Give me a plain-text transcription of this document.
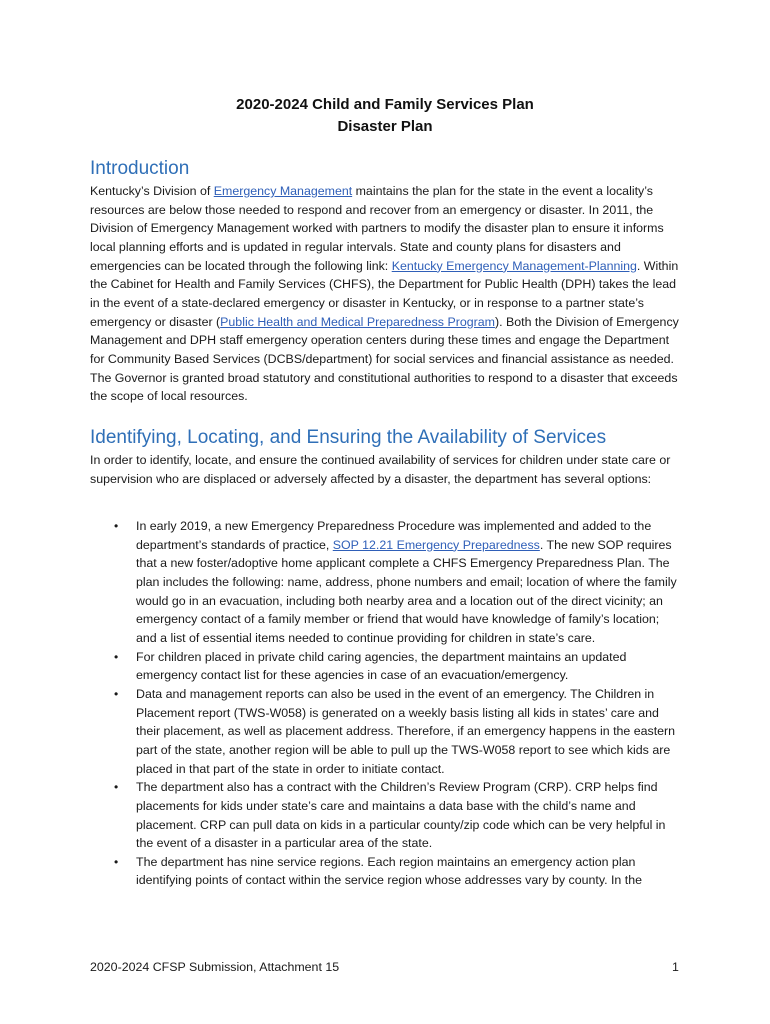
2020-2024 Child and Family Services Plan
Disaster Plan
Introduction

Kentucky’s Division of Emergency Management maintains the plan for the state in the event a locality’s resources are below those needed to respond and recover from an emergency or disaster. In 2011, the Division of Emergency Management worked with partners to modify the disaster plan to ensure it informs local planning efforts and is updated in regular intervals. State and county plans for disasters and emergencies can be located through the following link: Kentucky Emergency Management-Planning. Within the Cabinet for Health and Family Services (CHFS), the Department for Public Health (DPH) takes the lead in the event of a state-declared emergency or disaster in Kentucky, or in response to a partner state’s emergency or disaster (Public Health and Medical Preparedness Program). Both the Division of Emergency Management and DPH staff emergency operation centers during these times and engage the Department for Community Based Services (DCBS/department) for social services and financial assistance as needed. The Governor is granted broad statutory and constitutional authorities to respond to a disaster that exceeds the scope of local resources.

Identifying, Locating, and Ensuring the Availability of Services

In order to identify, locate, and ensure the continued availability of services for children under state care or supervision who are displaced or adversely affected by a disaster, the department has several options:

• In early 2019, a new Emergency Preparedness Procedure was implemented and added to the department’s standards of practice, SOP 12.21 Emergency Preparedness. The new SOP requires that a new foster/adoptive home applicant complete a CHFS Emergency Preparedness Plan. The plan includes the following: name, address, phone numbers and email; location of where the family would go in an evacuation, including both nearby area and a location out of the direct vicinity; an emergency contact of a family member or friend that would have knowledge of family’s location; and a list of essential items needed to continue providing for children in state’s care.
• For children placed in private child caring agencies, the department maintains an updated emergency contact list for these agencies in case of an evacuation/emergency.
• Data and management reports can also be used in the event of an emergency. The Children in Placement report (TWS-W058) is generated on a weekly basis listing all kids in states’ care and their placement, as well as placement address. Therefore, if an emergency happens in the eastern part of the state, another region will be able to pull up the TWS-W058 report to see which kids are placed in that part of the state in order to initiate contact.
• The department also has a contract with the Children’s Review Program (CRP). CRP helps find placements for kids under state’s care and maintains a data base with the child’s name and placement. CRP can pull data on kids in a particular county/zip code which can be very helpful in the event of a disaster in a particular area of the state.
• The department has nine service regions. Each region maintains an emergency action plan identifying points of contact within the service region whose addresses vary by county. In the
2020-2024 CFSP Submission, Attachment 15	1
